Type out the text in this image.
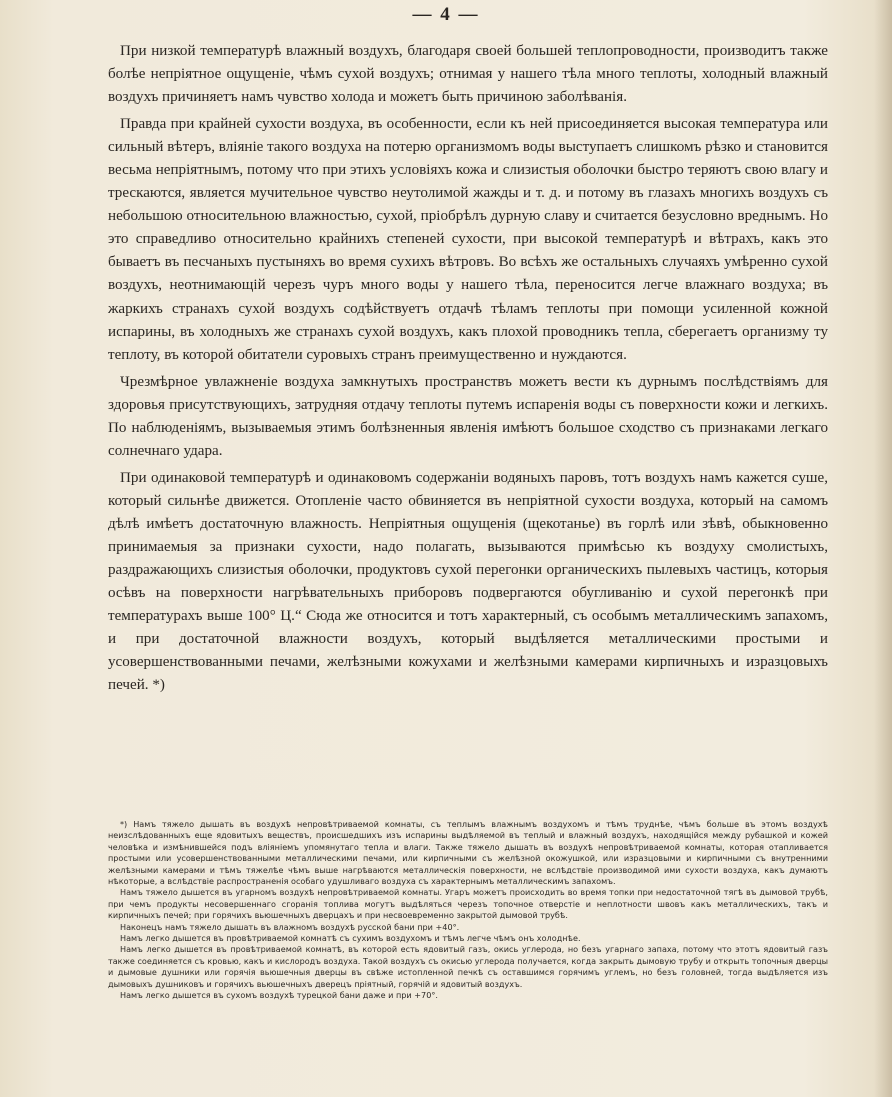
— 4 —

При низкой температурѣ влажный воздухъ, благодаря своей большей теплопроводности, производитъ также болѣе непріятное ощущеніе, чѣмъ сухой воздухъ; отнимая у нашего тѣла много теплоты, холодный влажный воздухъ причиняетъ намъ чувство холода и можетъ быть причиною заболѣванія.

Правда при крайней сухости воздуха, въ особенности, если къ ней присоединяется высокая температура или сильный вѣтеръ, вліяніе такого воздуха на потерю организмомъ воды выступаетъ слишкомъ рѣзко и становится весьма непріятнымъ, потому что при этихъ условіяхъ кожа и слизистыя оболочки быстро теряютъ свою влагу и трескаются, является мучительное чувство неутолимой жажды и т. д. и потому въ глазахъ многихъ воздухъ съ небольшою относительною влажностью, сухой, пріобрѣлъ дурную славу и считается безусловно вреднымъ. Но это справедливо относительно крайнихъ степеней сухости, при высокой температурѣ и вѣтрахъ, какъ это бываетъ въ песчаныхъ пустыняхъ во время сухихъ вѣтровъ. Во всѣхъ же остальныхъ случаяхъ умѣренно сухой воздухъ, неотнимающій черезъ чуръ много воды у нашего тѣла, переносится легче влажнаго воздуха; въ жаркихъ странахъ сухой воздухъ содѣйствуетъ отдачѣ тѣламъ теплоты при помощи усиленной кожной испарины, въ холодныхъ же странахъ сухой воздухъ, какъ плохой проводникъ тепла, сберегаетъ организму ту теплоту, въ которой обитатели суровыхъ странъ преимущественно и нуждаются.

Чрезмѣрное увлажненіе воздуха замкнутыхъ пространствъ можетъ вести къ дурнымъ послѣдствіямъ для здоровья присутствующихъ, затрудняя отдачу теплоты путемъ испаренія воды съ поверхности кожи и легкихъ. По наблюденіямъ, вызываемыя этимъ болѣзненныя явленія имѣютъ большое сходство съ признаками легкаго солнечнаго удара.

При одинаковой температурѣ и одинаковомъ содержаніи водяныхъ паровъ, тотъ воздухъ намъ кажется суше, который сильнѣе движется. Отопленіе часто обвиняется въ непріятной сухости воздуха, который на самомъ дѣлѣ имѣетъ достаточную влажность. Непріятныя ощущенія (щекотанье) въ горлѣ или зѣвѣ, обыкновенно принимаемыя за признаки сухости, надо полагать, вызываются примѣсью къ воздуху смолистыхъ, раздражающихъ слизистыя оболочки, продуктовъ сухой перегонки органическихъ пылевыхъ частицъ, которыя осѣвъ на поверхности нагрѣвательныхъ приборовъ подвергаются обугливанію и сухой перегонкѣ при температурахъ выше 100° Ц.“ Сюда же относится и тотъ характерный, съ особымъ металлическимъ запахомъ, и при достаточной влажности воздухъ, который выдѣляется металлическими простыми и усовершенствованными печами, желѣзными кожухами и желѣзными камерами кирпичныхъ и изразцовыхъ печей. *)

*) Намъ тяжело дышать въ воздухѣ непровѣтриваемой комнаты, съ теплымъ влажнымъ воздухомъ и тѣмъ труднѣе, чѣмъ больше въ этомъ воздухѣ неизслѣдованныхъ еще ядовитыхъ веществъ, происшедшихъ изъ испарины выдѣляемой въ теплый и влажный воздухъ, находящійся между рубашкой и кожей человѣка и измѣнившейся подъ вліяніемъ упомянутаго тепла и влаги. Также тяжело дышать въ воздухѣ непровѣтриваемой комнаты, которая отапливается простыми или усовершенствованными металлическими печами, или кирпичными съ желѣзной окожушкой, или изразцовыми и кирпичными съ внутренними желѣзными камерами и тѣмъ тяжелѣе чѣмъ выше нагрѣваются металлическія поверхности, не вслѣдствіе производимой ими сухости воздуха, какъ думаютъ нѣкоторые, а вслѣдствіе распространенія особаго удушливаго воздуха съ характернымъ металлическимъ запахомъ.

Намъ тяжело дышется въ угарномъ воздухѣ непровѣтриваемой комнаты. Угаръ можетъ происходить во время топки при недостаточной тягѣ въ дымовой трубѣ, при чемъ продукты несовершеннаго сгоранія топлива могутъ выдѣляться черезъ топочное отверстіе и неплотности швовъ какъ металлическихъ, такъ и кирпичныхъ печей; при горячихъ вьюшечныхъ дверцахъ и при несвоевременно закрытой дымовой трубѣ.

Наконецъ намъ тяжело дышать въ влажномъ воздухѣ русской бани при +40°.

Намъ легко дышется въ провѣтриваемой комнатѣ съ сухимъ воздухомъ и тѣмъ легче чѣмъ онъ холоднѣе.

Намъ легко дышется въ провѣтриваемой комнатѣ, въ которой есть ядовитый газъ, окись углерода, но безъ угарнаго запаха, потому что этотъ ядовитый газъ также соединяется съ кровью, какъ и кислородъ воздуха. Такой воздухъ съ окисью углерода получается, когда закрыть дымовую трубу и открыть топочныя дверцы и дымовые душники или горячія вьюшечныя дверцы въ свѣже истопленной печкѣ съ оставшимся горячимъ углемъ, но безъ головней, тогда выдѣляется изъ дымовыхъ душниковъ и горячихъ вьюшечныхъ дверецъ пріятный, горячій и ядовитый воздухъ.

Намъ легко дышется въ сухомъ воздухѣ турецкой бани даже и при +70°.
